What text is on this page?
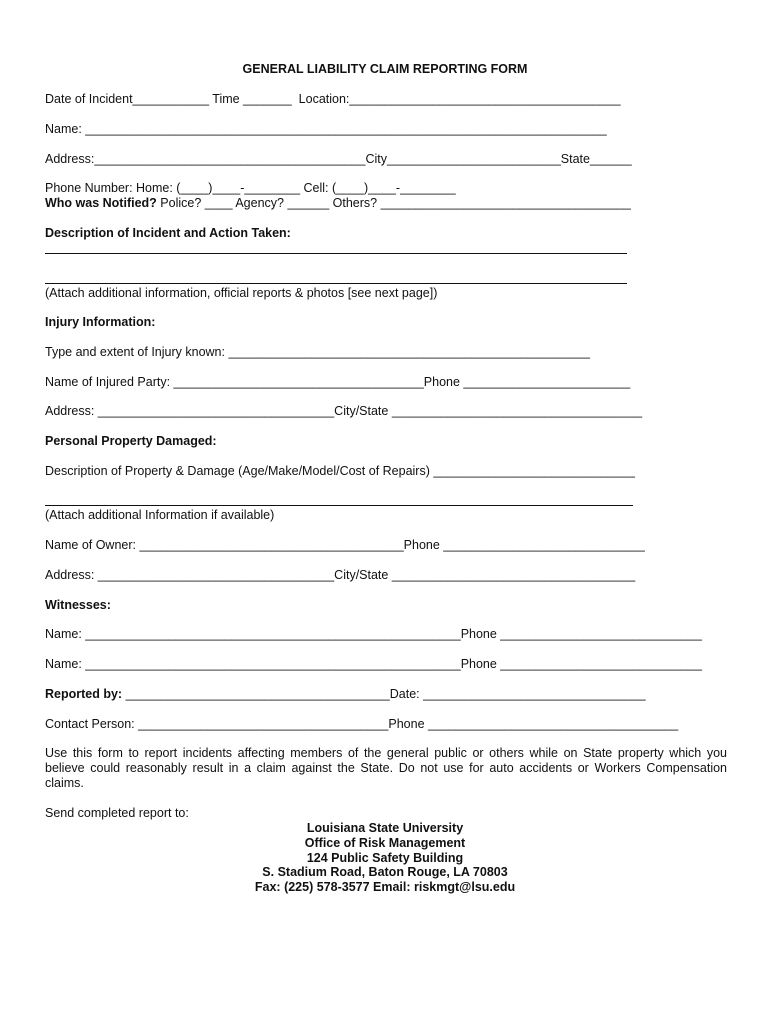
GENERAL LIABILITY CLAIM REPORTING FORM
Date of Incident___________ Time _______  Location:_______________________________________
Name: ___________________________________________________________________________
Address:_______________________________________City_________________________State______
Phone Number: Home: (____)____-________ Cell: (____)____-________
Who was Notified? Police? ____ Agency? ______ Others? ____________________________________
Description of Incident and Action Taken:
(Attach additional information, official reports & photos [see next page])
Injury Information:
Type and extent of Injury known: ____________________________________________________
Name of Injured Party: ____________________________________Phone ________________________
Address: __________________________________City/State ____________________________________
Personal Property Damaged:
Description of Property & Damage (Age/Make/Model/Cost of Repairs) _____________________________
(Attach additional Information if available)
Name of Owner: ______________________________________Phone _____________________________
Address: __________________________________City/State ___________________________________
Witnesses:
Name: ______________________________________________________Phone _____________________________
Name: ______________________________________________________Phone _____________________________
Reported by: ______________________________________Date: ________________________________
Contact Person: ____________________________________Phone ____________________________________
Use this form to report incidents affecting members of the general public or others while on State property which you believe could reasonably result in a claim against the State. Do not use for auto accidents or Workers Compensation claims.
Send completed report to:
Louisiana State University
Office of Risk Management
124 Public Safety Building
S. Stadium Road, Baton Rouge, LA 70803
Fax: (225) 578-3577 Email: riskmgt@lsu.edu
